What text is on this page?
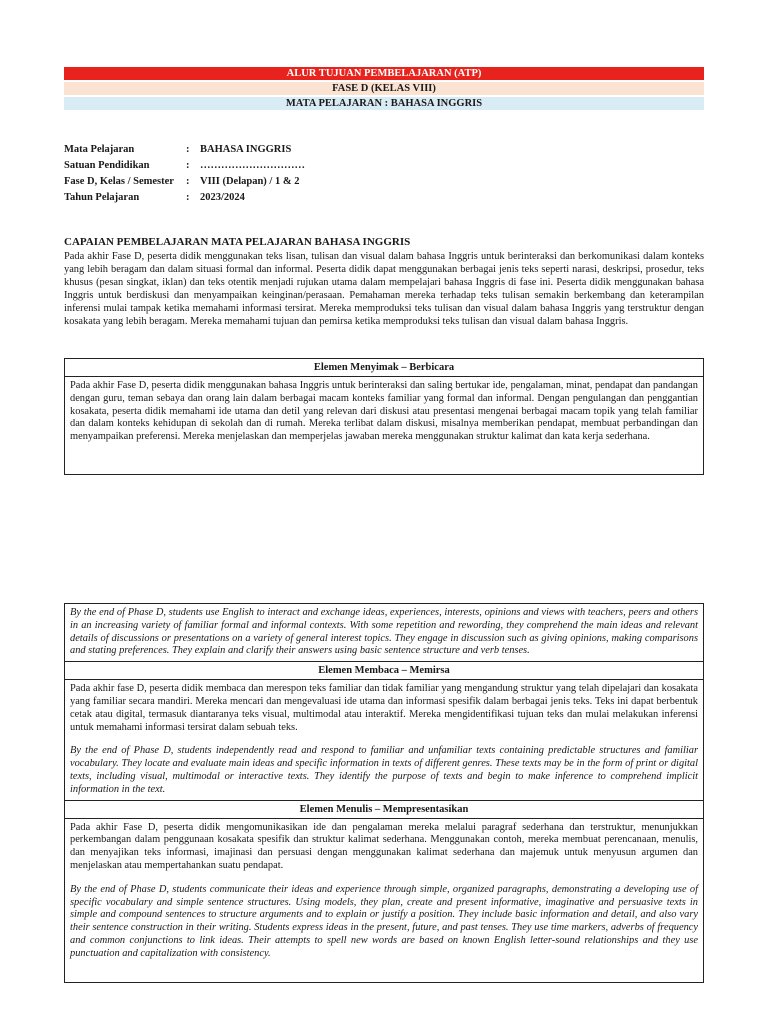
ALUR TUJUAN PEMBELAJARAN (ATP)
FASE D (KELAS VIII)
MATA PELAJARAN : BAHASA INGGRIS
Mata Pelajaran	:	BAHASA INGGRIS
Satuan Pendidikan	:	…………………………
Fase D, Kelas / Semester	:	VIII (Delapan) / 1 & 2
Tahun Pelajaran	:	2023/2024
CAPAIAN PEMBELAJARAN MATA PELAJARAN BAHASA INGGRIS
Pada akhir Fase D, peserta didik menggunakan teks lisan, tulisan dan visual dalam bahasa Inggris untuk berinteraksi dan berkomunikasi dalam konteks yang lebih beragam dan dalam situasi formal dan informal. Peserta didik dapat menggunakan berbagai jenis teks seperti narasi, deskripsi, prosedur, teks khusus (pesan singkat, iklan) dan teks otentik menjadi rujukan utama dalam mempelajari bahasa Inggris di fase ini. Peserta didik menggunakan bahasa Inggris untuk berdiskusi dan menyampaikan keinginan/perasaan. Pemahaman mereka terhadap teks tulisan semakin berkembang dan keterampilan inferensi mulai tampak ketika memahami informasi tersirat. Mereka memproduksi teks tulisan dan visual dalam bahasa Inggris yang terstruktur dengan kosakata yang lebih beragam. Mereka memahami tujuan dan pemirsa ketika memproduksi teks tulisan dan visual dalam bahasa Inggris.
Elemen Menyimak – Berbicara
Pada akhir Fase D, peserta didik menggunakan bahasa Inggris untuk berinteraksi dan saling bertukar ide, pengalaman, minat, pendapat dan pandangan dengan guru, teman sebaya dan orang lain dalam berbagai macam konteks familiar yang formal dan informal. Dengan pengulangan dan penggantian kosakata, peserta didik memahami ide utama dan detil yang relevan dari diskusi atau presentasi mengenai berbagai macam topik yang telah familiar dan dalam konteks kehidupan di sekolah dan di rumah. Mereka terlibat dalam diskusi, misalnya memberikan pendapat, membuat perbandingan dan menyampaikan preferensi. Mereka menjelaskan dan memperjelas jawaban mereka menggunakan struktur kalimat dan kata kerja sederhana.
By the end of Phase D, students use English to interact and exchange ideas, experiences, interests, opinions and views with teachers, peers and others in an increasing variety of familiar formal and informal contexts. With some repetition and rewording, they comprehend the main ideas and relevant details of discussions or presentations on a variety of general interest topics. They engage in discussion such as giving opinions, making comparisons and stating preferences. They explain and clarify their answers using basic sentence structure and verb tenses.
Elemen Membaca – Memirsa
Pada akhir fase D, peserta didik membaca dan merespon teks familiar dan tidak familiar yang mengandung struktur yang telah dipelajari dan kosakata yang familiar secara mandiri. Mereka mencari dan mengevaluasi ide utama dan informasi spesifik dalam berbagai jenis teks. Teks ini dapat berbentuk cetak atau digital, termasuk diantaranya teks visual, multimodal atau interaktif. Mereka mengidentifikasi tujuan teks dan mulai melakukan inferensi untuk memahami informasi tersirat dalam sebuah teks.
By the end of Phase D, students independently read and respond to familiar and unfamiliar texts containing predictable structures and familiar vocabulary. They locate and evaluate main ideas and specific information in texts of different genres. These texts may be in the form of print or digital texts, including visual, multimodal or interactive texts. They identify the purpose of texts and begin to make inference to comprehend implicit information in the text.
Elemen Menulis – Mempresentasikan
Pada akhir Fase D, peserta didik mengomunikasikan ide dan pengalaman mereka melalui paragraf sederhana dan terstruktur, menunjukkan perkembangan dalam penggunaan kosakata spesifik dan struktur kalimat sederhana. Menggunakan contoh, mereka membuat perencanaan, menulis, dan menyajikan teks informasi, imajinasi dan persuasi dengan menggunakan kalimat sederhana dan majemuk untuk menyusun argumen dan menjelaskan atau mempertahankan suatu pendapat.
By the end of Phase D, students communicate their ideas and experience through simple, organized paragraphs, demonstrating a developing use of specific vocabulary and simple sentence structures. Using models, they plan, create and present informative, imaginative and persuasive texts in simple and compound sentences to structure arguments and to explain or justify a position. They include basic information and detail, and also vary their sentence construction in their writing. Students express ideas in the present, future, and past tenses. They use time markers, adverbs of frequency and common conjunctions to link ideas. Their attempts to spell new words are based on known English letter-sound relationships and they use punctuation and capitalization with consistency.
